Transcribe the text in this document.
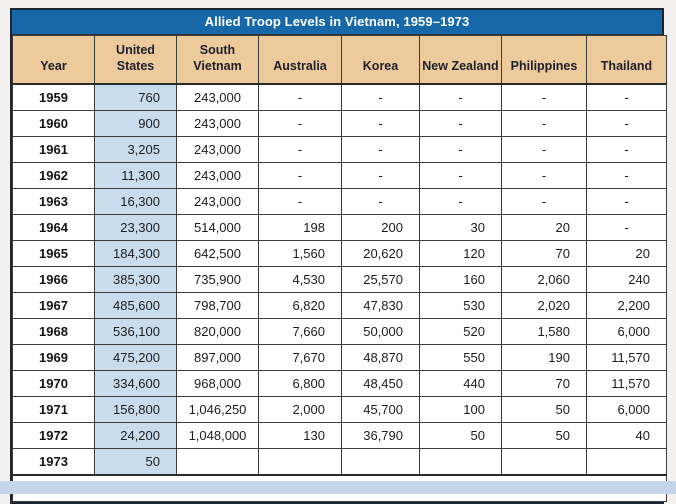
Allied Troop Levels in Vietnam, 1959–1973
Year	United States	South Vietnam	Australia	Korea	New Zealand	Philippines	Thailand
1959	760	243,000	-	-	-	-	-
1960	900	243,000	-	-	-	-	-
1961	3,205	243,000	-	-	-	-	-
1962	11,300	243,000	-	-	-	-	-
1963	16,300	243,000	-	-	-	-	-
1964	23,300	514,000	198	200	30	20	-
1965	184,300	642,500	1,560	20,620	120	70	20
1966	385,300	735,900	4,530	25,570	160	2,060	240
1967	485,600	798,700	6,820	47,830	530	2,020	2,200
1968	536,100	820,000	7,660	50,000	520	1,580	6,000
1969	475,200	897,000	7,670	48,870	550	190	11,570
1970	334,600	968,000	6,800	48,450	440	70	11,570
1971	156,800	1,046,250	2,000	45,700	100	50	6,000
1972	24,200	1,048,000	130	36,790	50	50	40
1973	50						
